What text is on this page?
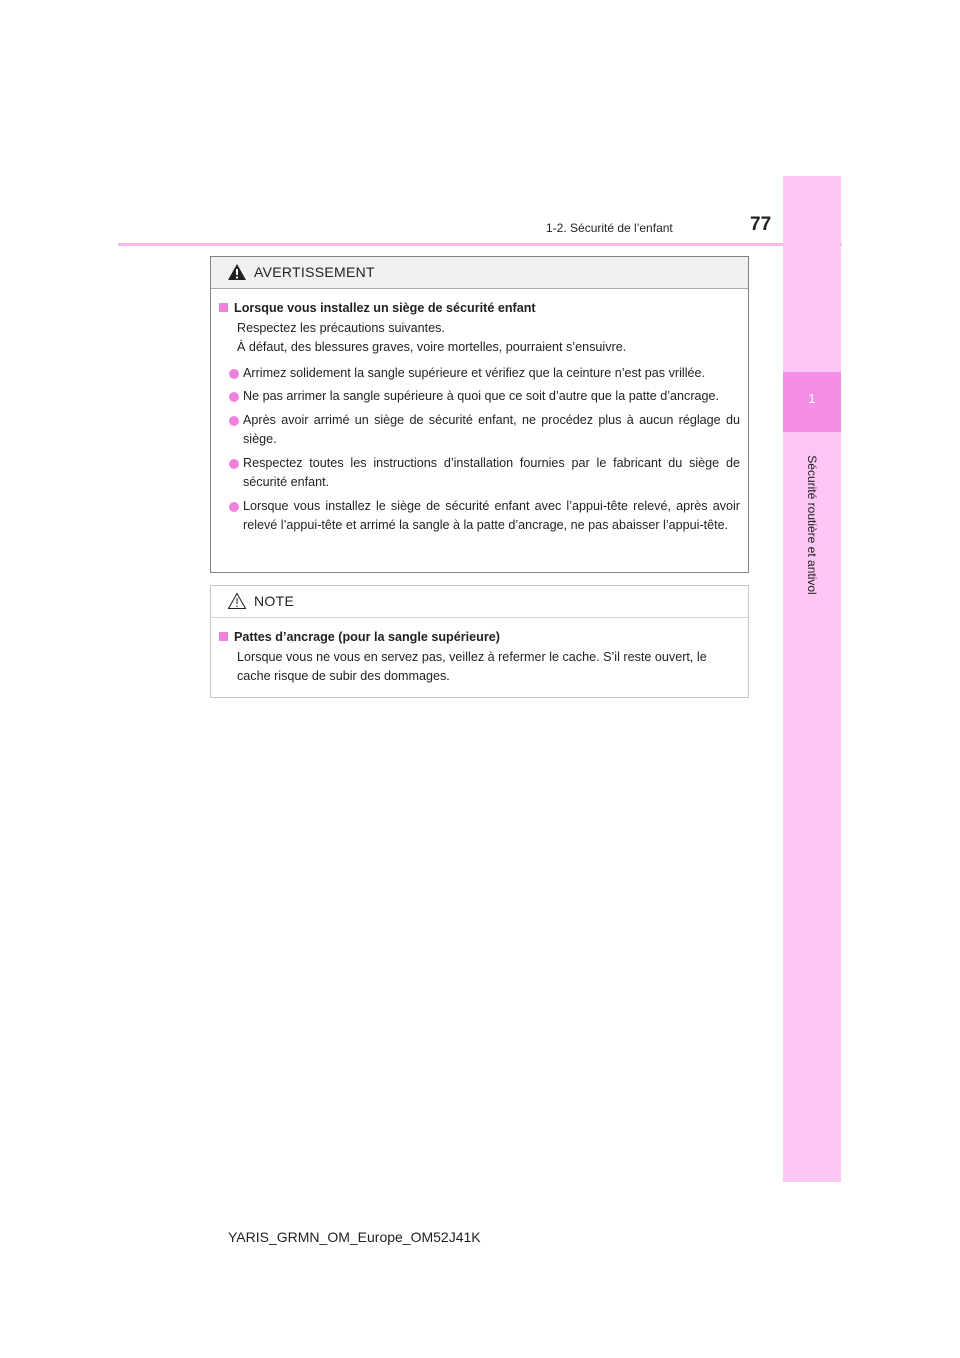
1-2. Sécurité de l’enfant	77
1
Sécurité routière et antivol
AVERTISSEMENT
Lorsque vous installez un siège de sécurité enfant
Respectez les précautions suivantes.
À défaut, des blessures graves, voire mortelles, pourraient s’ensuivre.
Arrimez solidement la sangle supérieure et vérifiez que la ceinture n’est pas vrillée.
Ne pas arrimer la sangle supérieure à quoi que ce soit d’autre que la patte d’ancrage.
Après avoir arrimé un siège de sécurité enfant, ne procédez plus à aucun réglage du siège.
Respectez toutes les instructions d’installation fournies par le fabricant du siège de sécurité enfant.
Lorsque vous installez le siège de sécurité enfant avec l’appui-tête relevé, après avoir relevé l’appui-tête et arrimé la sangle à la patte d’ancrage, ne pas abaisser l’appui-tête.
NOTE
Pattes d’ancrage (pour la sangle supérieure)
Lorsque vous ne vous en servez pas, veillez à refermer le cache. S’il reste ouvert, le cache risque de subir des dommages.
YARIS_GRMN_OM_Europe_OM52J41K
